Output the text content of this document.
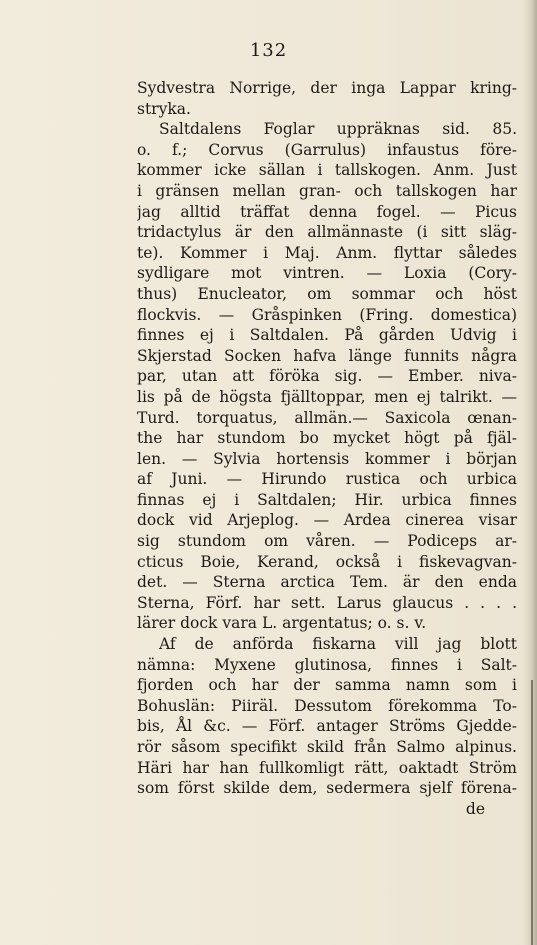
132
Sydvestra Norrige, der inga Lappar kring-
stryka.
Saltdalens Foglar uppräknas sid. 85.
o. f.; Corvus (Garrulus) infaustus före-
kommer icke sällan i tallskogen. Anm. Just
i gränsen mellan gran- och tallskogen har
jag alltid träffat denna fogel. — Picus
tridactylus är den allmännaste (i sitt släg-
te). Kommer i Maj. Anm. flyttar således
sydligare mot vintren. — Loxia (Cory-
thus) Enucleator, om sommar och höst
flockvis. — Gråspinken (Fring. domestica)
finnes ej i Saltdalen. På gården Udvig i
Skjerstad Socken hafva länge funnits några
par, utan att föröka sig. — Ember. niva-
lis på de högsta fjälltoppar, men ej talrikt. —
Turd. torquatus, allmän.— Saxicola œnan-
the har stundom bo mycket högt på fjäl-
len. — Sylvia hortensis kommer i början
af Juni. — Hirundo rustica och urbica
finnas ej i Saltdalen; Hir. urbica finnes
dock vid Arjeplog. — Ardea cinerea visar
sig stundom om våren. — Podiceps ar-
cticus Boie, Kerand, också i fiskevagvan-
det. — Sterna arctica Tem. är den enda
Sterna, Förf. har sett. Larus glaucus . . . .
lärer dock vara L. argentatus; o. s. v.
Af de anförda fiskarna vill jag blott
nämna: Myxene glutinosa, finnes i Salt-
fjorden och har der samma namn som i
Bohuslän: Piiräl. Dessutom förekomma To-
bis, Ål &c. — Förf. antager Ströms Gjedde-
rör såsom specifikt skild från Salmo alpinus.
Häri har han fullkomligt rätt, oaktadt Ström
som först skilde dem, sedermera sjelf förena-
de
